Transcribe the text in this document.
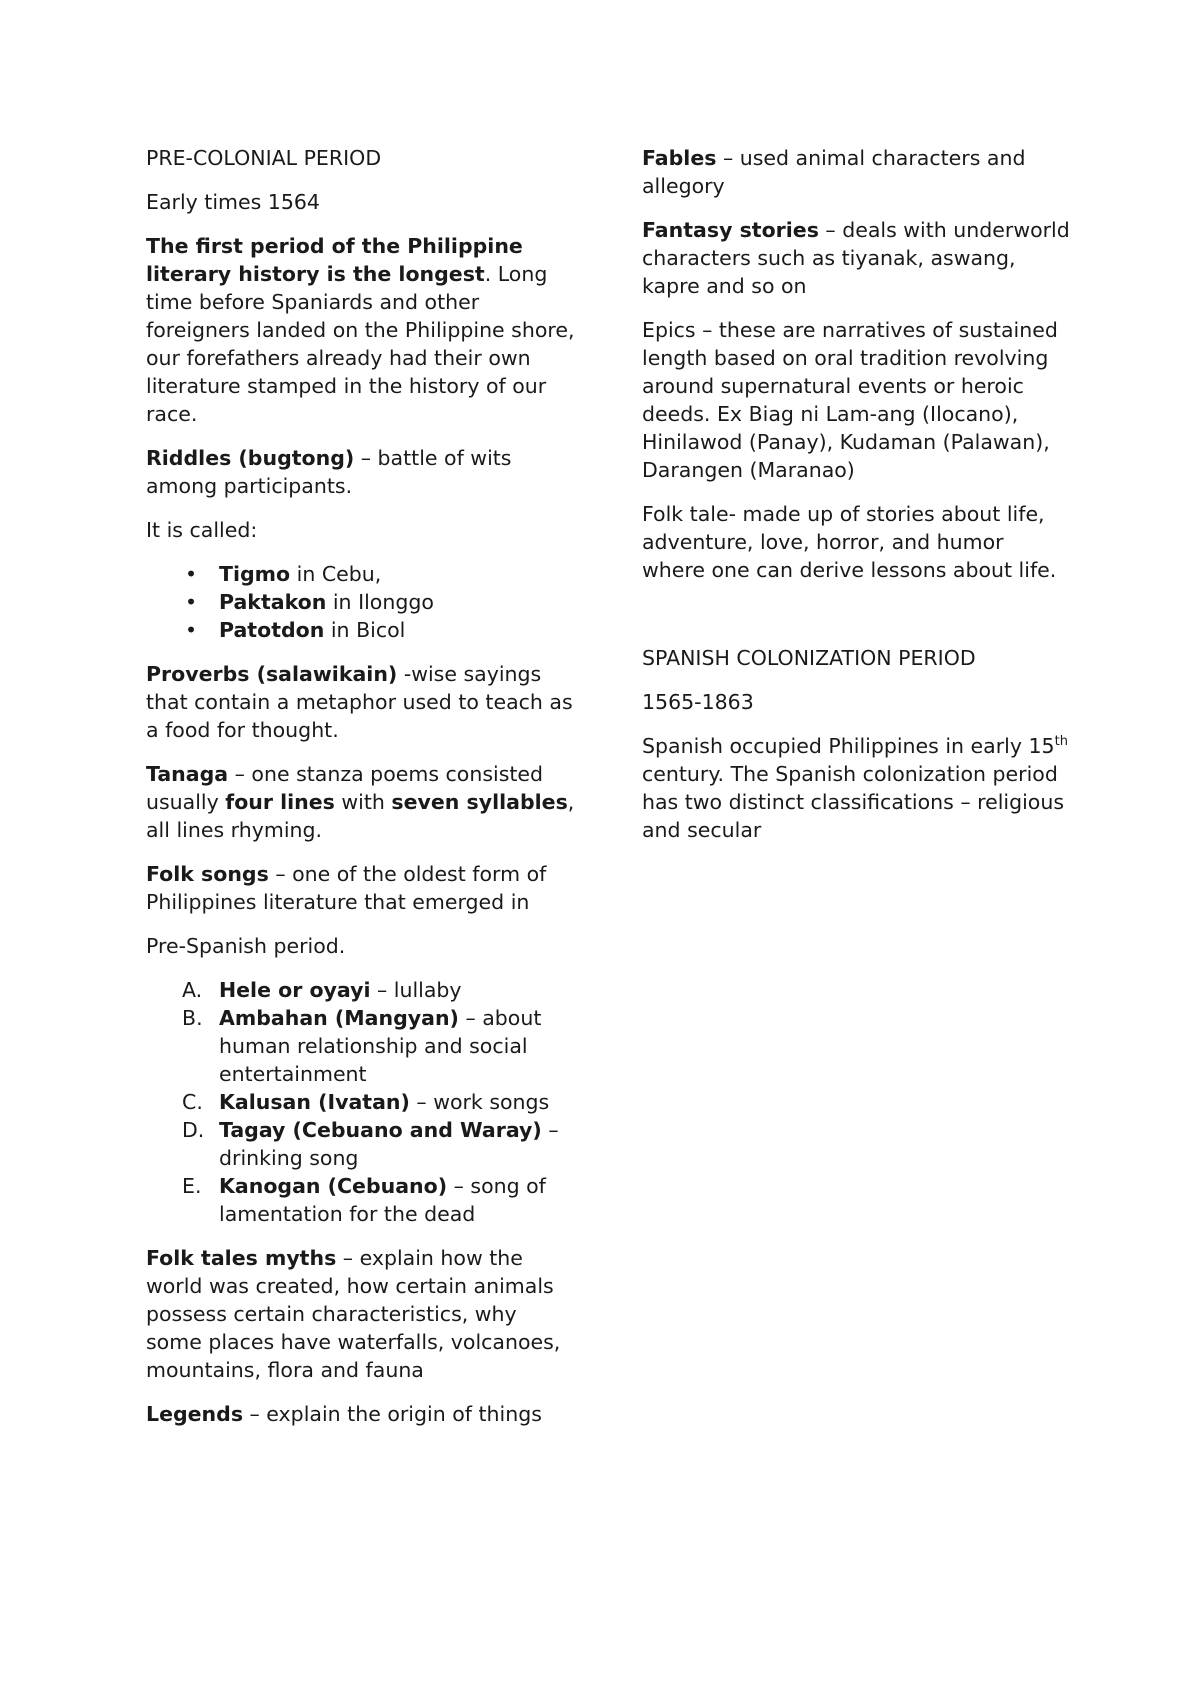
PRE-COLONIAL PERIOD

Early times 1564

The first period of the Philippine literary history is the longest. Long time before Spaniards and other foreigners landed on the Philippine shore, our forefathers already had their own literature stamped in the history of our race.

Riddles (bugtong) – battle of wits among participants.

It is called:

• Tigmo in Cebu,
• Paktakon in Ilonggo
• Patotdon in Bicol

Proverbs (salawikain) -wise sayings that contain a metaphor used to teach as a food for thought.

Tanaga – one stanza poems consisted usually four lines with seven syllables, all lines rhyming.

Folk songs – one of the oldest form of Philippines literature that emerged in

Pre-Spanish period.

A. Hele or oyayi – lullaby
B. Ambahan (Mangyan) – about human relationship and social entertainment
C. Kalusan (Ivatan) – work songs
D. Tagay (Cebuano and Waray) – drinking song
E. Kanogan (Cebuano) – song of lamentation for the dead

Folk tales myths – explain how the world was created, how certain animals possess certain characteristics, why some places have waterfalls, volcanoes, mountains, flora and fauna

Legends – explain the origin of things

Fables – used animal characters and allegory

Fantasy stories – deals with underworld characters such as tiyanak, aswang, kapre and so on

Epics – these are narratives of sustained length based on oral tradition revolving around supernatural events or heroic deeds. Ex Biag ni Lam-ang (Ilocano), Hinilawod (Panay), Kudaman (Palawan), Darangen (Maranao)

Folk tale- made up of stories about life, adventure, love, horror, and humor where one can derive lessons about life.

SPANISH COLONIZATION PERIOD

1565-1863

Spanish occupied Philippines in early 15th century. The Spanish colonization period has two distinct classifications – religious and secular
